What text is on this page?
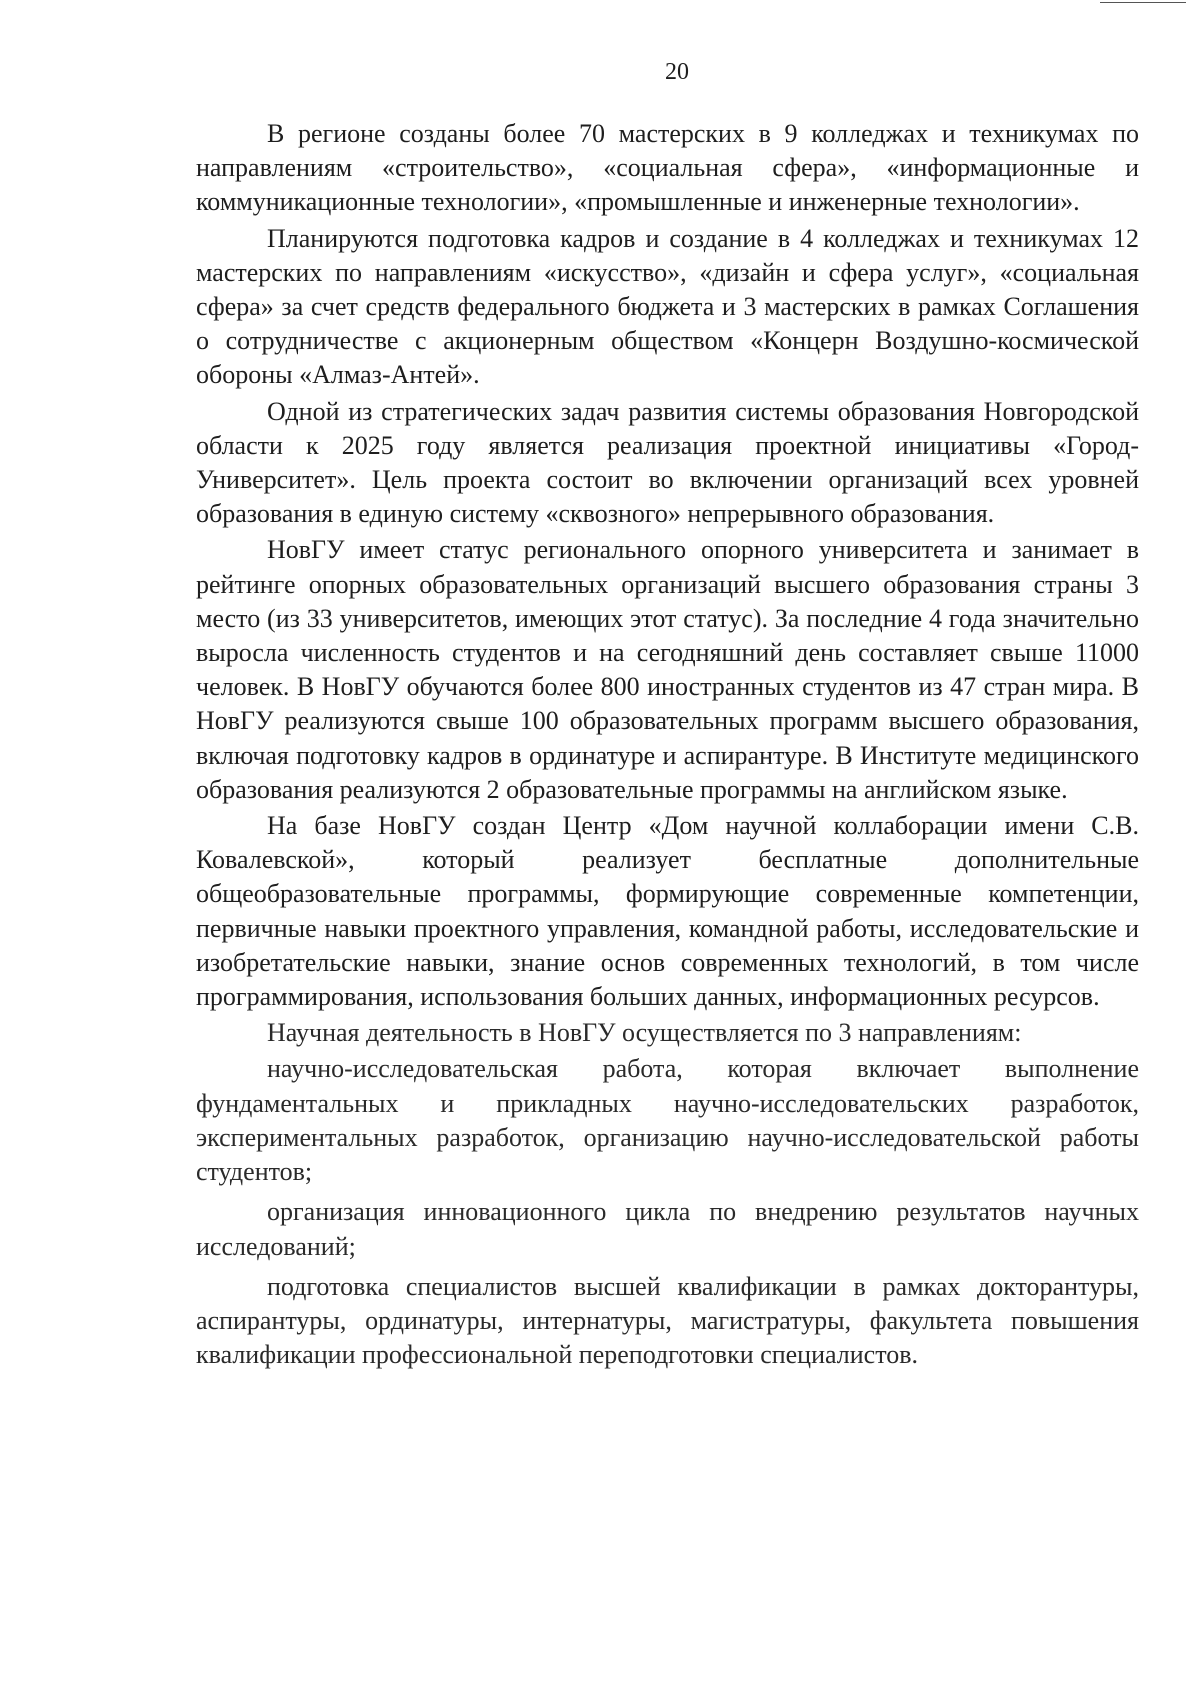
20

В регионе созданы более 70 мастерских в 9 колледжах и техникумах по направлениям «строительство», «социальная сфера», «информационные и коммуникационные технологии», «промышленные и инженерные технологии».

Планируются подготовка кадров и создание в 4 колледжах и техникумах 12 мастерских по направлениям «искусство», «дизайн и сфера услуг», «социальная сфера» за счет средств федерального бюджета и 3 мастерских в рамках Соглашения о сотрудничестве с акционерным обществом «Концерн Воздушно-космической обороны «Алмаз-Антей».

Одной из стратегических задач развития системы образования Новгородской области к 2025 году является реализация проектной инициативы «Город-Университет». Цель проекта состоит во включении организаций всех уровней образования в единую систему «сквозного» непрерывного образования.

НовГУ имеет статус регионального опорного университета и занимает в рейтинге опорных образовательных организаций высшего образования страны 3 место (из 33 университетов, имеющих этот статус). За последние 4 года значительно выросла численность студентов и на сегодняшний день составляет свыше 11000 человек. В НовГУ обучаются более 800 иностранных студентов из 47 стран мира. В НовГУ реализуются свыше 100 образовательных программ высшего образования, включая подготовку кадров в ординатуре и аспирантуре. В Институте медицинского образования реализуются 2 образовательные программы на английском языке.

На базе НовГУ создан Центр «Дом научной коллаборации имени С.В. Ковалевской», который реализует бесплатные дополнительные общеобразовательные программы, формирующие современные компетенции, первичные навыки проектного управления, командной работы, исследовательские и изобретательские навыки, знание основ современных технологий, в том числе программирования, использования больших данных, информационных ресурсов.

Научная деятельность в НовГУ осуществляется по 3 направлениям:

научно-исследовательская работа, которая включает выполнение фундаментальных и прикладных научно-исследовательских разработок, экспериментальных разработок, организацию научно-исследовательской работы студентов;

организация инновационного цикла по внедрению результатов научных исследований;

подготовка специалистов высшей квалификации в рамках докторантуры, аспирантуры, ординатуры, интернатуры, магистратуры, факультета повышения квалификации профессиональной переподготовки специалистов.
